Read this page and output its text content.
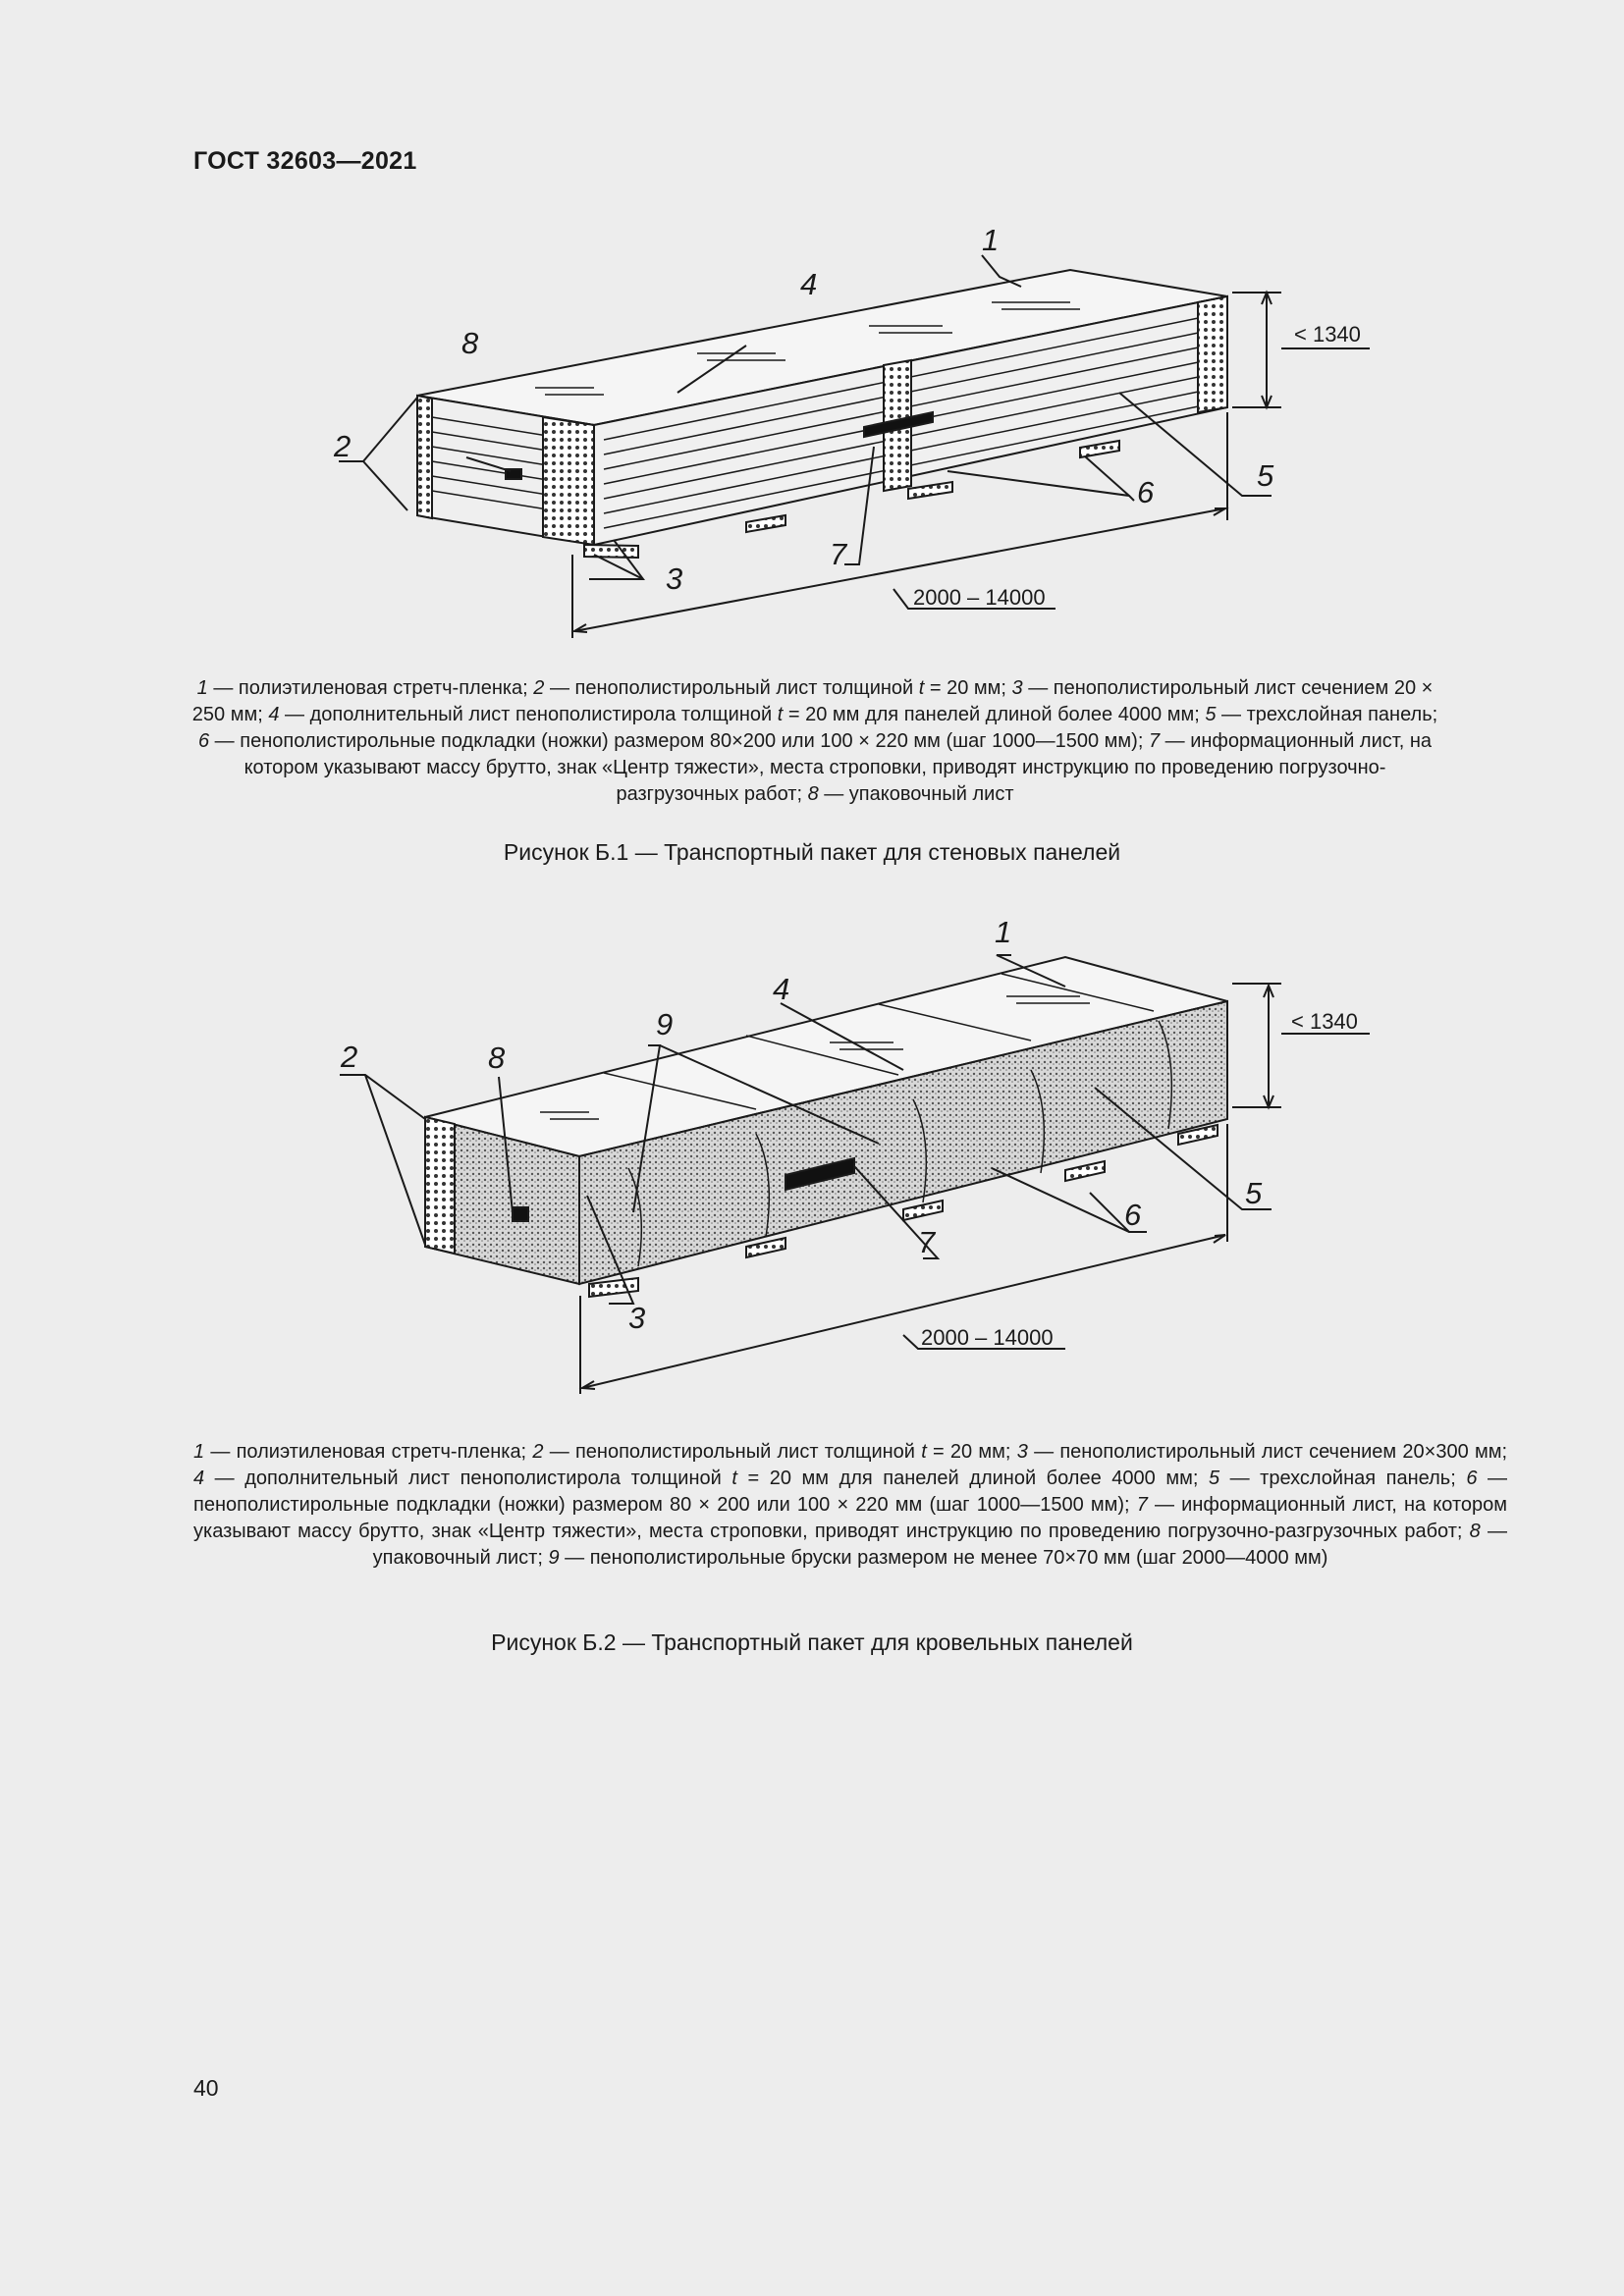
ГОСТ 32603—2021
1
2
3
4
5
6
7
8	< 1340
2000 – 14000
1 — полиэтиленовая стретч-пленка; 2 — пенополистирольный лист толщиной t = 20 мм; 3 — пенополистирольный лист сечением 20 × 250 мм; 4 — дополнительный лист пенополистирола толщиной t = 20 мм для панелей длиной более 4000 мм; 5 — трехслойная панель; 6 — пенополистирольные подкладки (ножки) размером 80×200 или 100 × 220 мм (шаг 1000—1500 мм); 7 — информационный лист, на котором указывают массу брутто, знак «Центр тяжести», места строповки, приводят инструкцию по проведению погрузочно-разгрузочных работ; 8 — упаковочный лист
Рисунок Б.1 — Транспортный пакет для стеновых панелей
1
2
3
4
5
6
7
8
9	< 1340
2000 – 14000
1 — полиэтиленовая стретч-пленка; 2 — пенополистирольный лист толщиной t = 20 мм; 3 — пенополистирольный лист сечением 20×300 мм; 4 — дополнительный лист пенополистирола толщиной t = 20 мм для панелей длиной более 4000 мм; 5 — трехслойная панель; 6 — пенополистирольные подкладки (ножки) размером 80 × 200 или 100 × 220 мм (шаг 1000—1500 мм); 7 — информационный лист, на котором указывают массу брутто, знак «Центр тяжести», места строповки, приводят инструкцию по проведению погрузочно-разгрузочных работ; 8 — упаковочный лист; 9 — пенополистирольные бруски размером не менее 70×70 мм (шаг 2000—4000 мм)
Рисунок Б.2 — Транспортный пакет для кровельных панелей
40
